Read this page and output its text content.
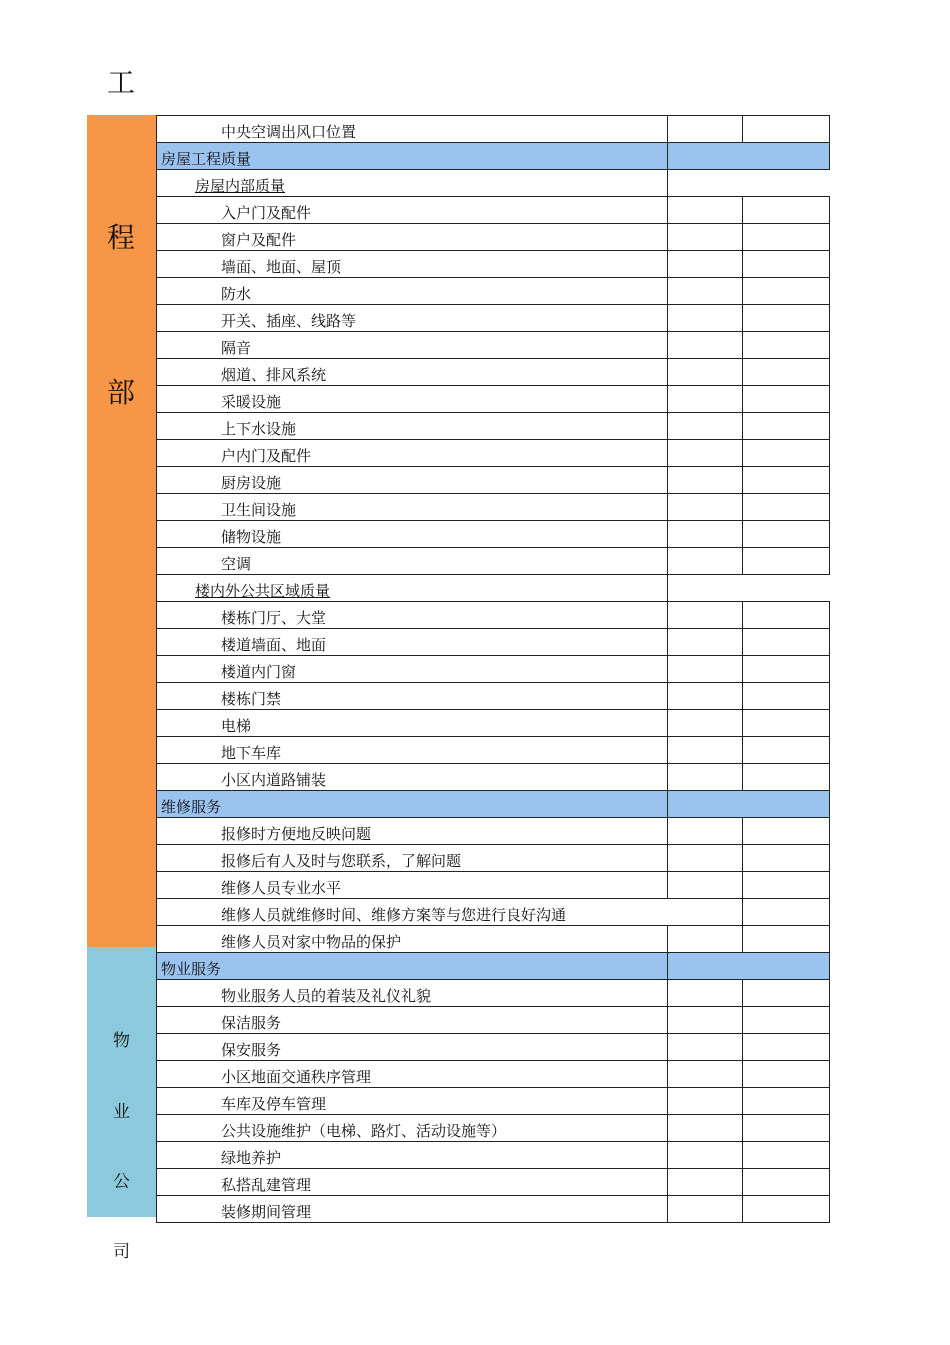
工
程
部
物
业
公
司
中央空调出风口位置		
房屋工程质量		
房屋内部质量		
入户门及配件		
窗户及配件		
墙面、地面、屋顶		
防水		
开关、插座、线路等		
隔音		
烟道、排风系统		
采暖设施		
上下水设施		
户内门及配件		
厨房设施		
卫生间设施		
储物设施		
空调		
楼内外公共区域质量		
楼栋门厅、大堂		
楼道墙面、地面		
楼道内门窗		
楼栋门禁		
电梯		
地下车库		
小区内道路铺装		
维修服务		
报修时方便地反映问题		
报修后有人及时与您联系，了解问题		
维修人员专业水平		
维修人员就维修时间、维修方案等与您进行良好沟通		
维修人员对家中物品的保护		
物业服务		
物业服务人员的着装及礼仪礼貌		
保洁服务		
保安服务		
小区地面交通秩序管理		
车库及停车管理		
公共设施维护（电梯、路灯、活动设施等）		
绿地养护		
私搭乱建管理		
装修期间管理		
